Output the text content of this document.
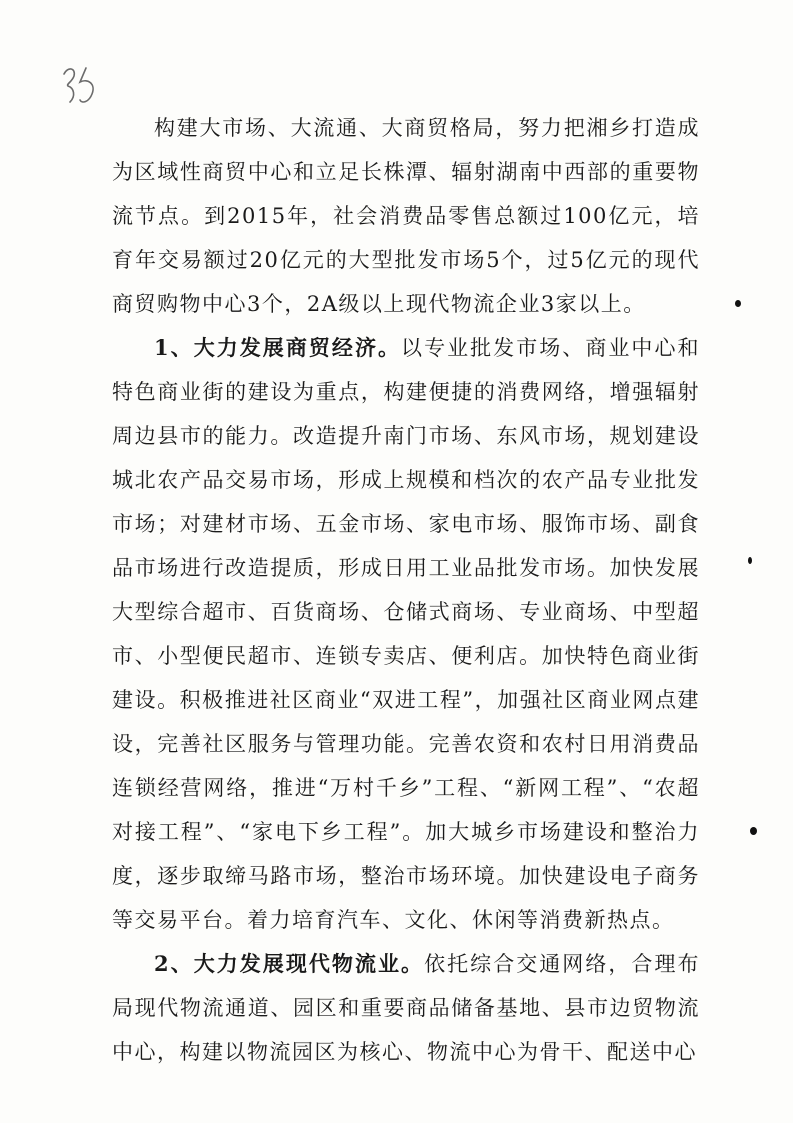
构建大市场、大流通、大商贸格局，努力把湘乡打造成为区域性商贸中心和立足长株潭、辐射湖南中西部的重要物流节点。到2015年，社会消费品零售总额过100亿元，培育年交易额过20亿元的大型批发市场5个，过5亿元的现代商贸购物中心3个，2A级以上现代物流企业3家以上。

1、大力发展商贸经济。以专业批发市场、商业中心和特色商业街的建设为重点，构建便捷的消费网络，增强辐射周边县市的能力。改造提升南门市场、东风市场，规划建设城北农产品交易市场，形成上规模和档次的农产品专业批发市场；对建材市场、五金市场、家电市场、服饰市场、副食品市场进行改造提质，形成日用工业品批发市场。加快发展大型综合超市、百货商场、仓储式商场、专业商场、中型超市、小型便民超市、连锁专卖店、便利店。加快特色商业街建设。积极推进社区商业“双进工程”，加强社区商业网点建设，完善社区服务与管理功能。完善农资和农村日用消费品连锁经营网络，推进“万村千乡”工程、“新网工程”、“农超对接工程”、“家电下乡工程”。加大城乡市场建设和整治力度，逐步取缔马路市场，整治市场环境。加快建设电子商务等交易平台。着力培育汽车、文化、休闲等消费新热点。

2、大力发展现代物流业。依托综合交通网络，合理布局现代物流通道、园区和重要商品储备基地、县市边贸物流中心，构建以物流园区为核心、物流中心为骨干、配送中心
